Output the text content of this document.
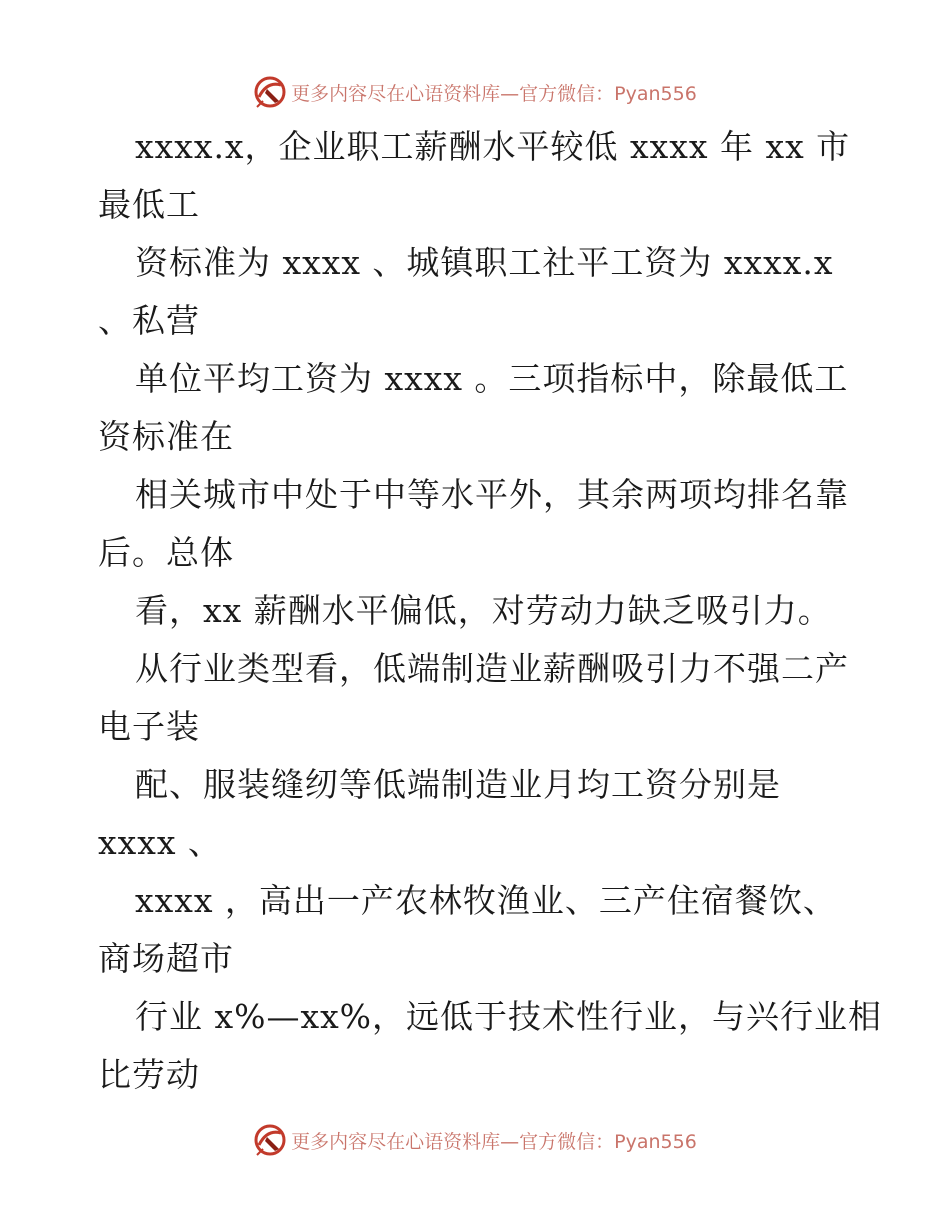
更多内容尽在心语资料库—官方微信：Pyan556
xxxx.x，企业职工薪酬水平较低 xxxx 年 xx 市
最低工
资标准为 xxxx 、城镇职工社平工资为 xxxx.x
、私营
单位平均工资为 xxxx 。三项指标中，除最低工
资标准在
相关城市中处于中等水平外，其余两项均排名靠
后。总体
看，xx 薪酬水平偏低，对劳动力缺乏吸引力。
从行业类型看，低端制造业薪酬吸引力不强二产
电子装
配、服装缝纫等低端制造业月均工资分别是
xxxx 、
xxxx ，高出一产农林牧渔业、三产住宿餐饮、
商场超市
行业 x%—xx%，远低于技术性行业，与兴行业相
比劳动
更多内容尽在心语资料库—官方微信：Pyan556
